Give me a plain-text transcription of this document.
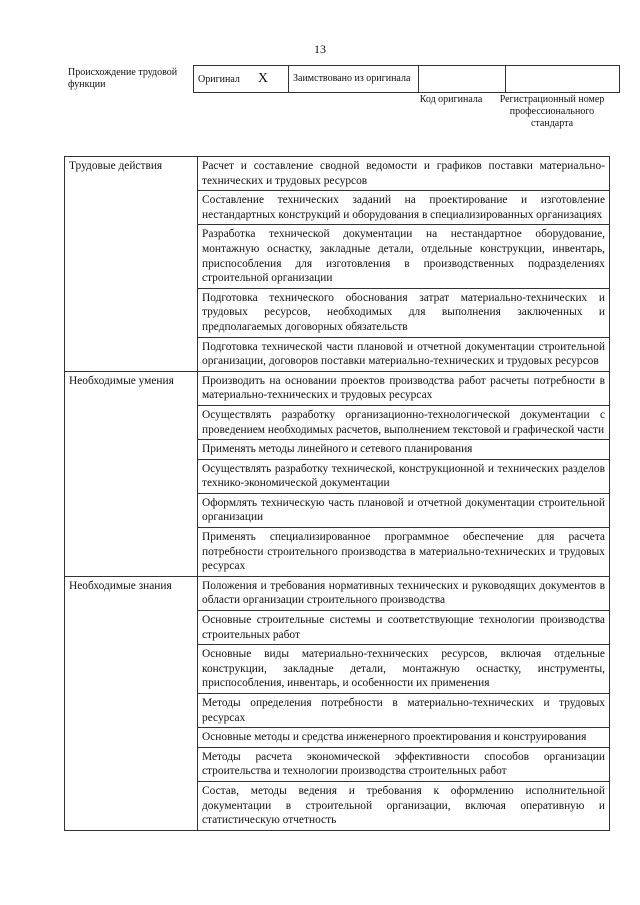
13
Происхождение трудовой функции	Оригинал X	Заимствовано из оригинала		
Код оригинала	Регистрационный номер профессионального стандарта
Трудовые действия	Расчет и составление сводной ведомости и графиков поставки материально-технических и трудовых ресурсов
	Составление технических заданий на проектирование и изготовление нестандартных конструкций и оборудования в специализированных организациях
	Разработка технической документации на нестандартное оборудование, монтажную оснастку, закладные детали, отдельные конструкции, инвентарь, приспособления для изготовления в производственных подразделениях строительной организации
	Подготовка технического обоснования затрат материально-технических и трудовых ресурсов, необходимых для выполнения заключенных и предполагаемых договорных обязательств
	Подготовка технической части плановой и отчетной документации строительной организации, договоров поставки материально-технических и трудовых ресурсов
Необходимые умения	Производить на основании проектов производства работ расчеты потребности в материально-технических и трудовых ресурсах
	Осуществлять разработку организационно-технологической документации с проведением необходимых расчетов, выполнением текстовой и графической части
	Применять методы линейного и сетевого планирования
	Осуществлять разработку технической, конструкционной и технических разделов технико-экономической документации
	Оформлять техническую часть плановой и отчетной документации строительной организации
	Применять специализированное программное обеспечение для расчета потребности строительного производства в материально-технических и трудовых ресурсах
Необходимые знания	Положения и требования нормативных технических и руководящих документов в области организации строительного производства
	Основные строительные системы и соответствующие технологии производства строительных работ
	Основные виды материально-технических ресурсов, включая отдельные конструкции, закладные детали, монтажную оснастку, инструменты, приспособления, инвентарь, и особенности их применения
	Методы определения потребности в материально-технических и трудовых ресурсах
	Основные методы и средства инженерного проектирования и конструирования
	Методы расчета экономической эффективности способов организации строительства и технологии производства строительных работ
	Состав, методы ведения и требования к оформлению исполнительной документации в строительной организации, включая оперативную и статистическую отчетность
